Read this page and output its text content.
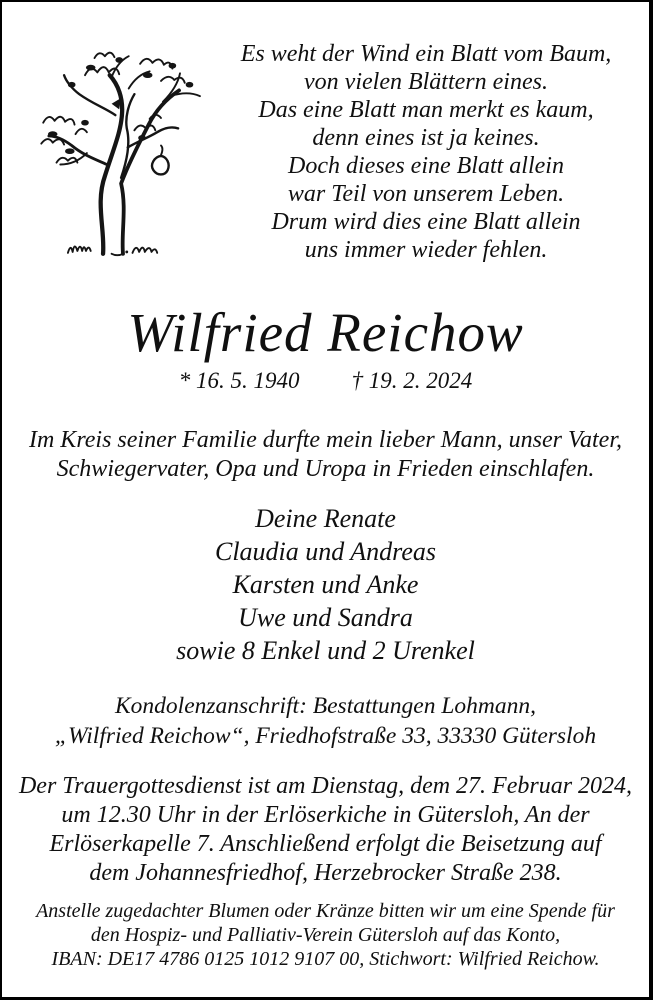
Es weht der Wind ein Blatt vom Baum,
von vielen Blättern eines.
Das eine Blatt man merkt es kaum,
denn eines ist ja keines.
Doch dieses eine Blatt allein
war Teil von unserem Leben.
Drum wird dies eine Blatt allein
uns immer wieder fehlen.
Wilfried Reichow
* 16. 5. 1940 † 19. 2. 2024
Im Kreis seiner Familie durfte mein lieber Mann, unser Vater,
Schwiegervater, Opa und Uropa in Frieden einschlafen.
Deine Renate
Claudia und Andreas
Karsten und Anke
Uwe und Sandra
sowie 8 Enkel und 2 Urenkel
Kondolenzanschrift: Bestattungen Lohmann,
„Wilfried Reichow“, Friedhofstraße 33, 33330 Gütersloh
Der Trauergottesdienst ist am Dienstag, dem 27. Februar 2024,
um 12.30 Uhr in der Erlöserkiche in Gütersloh, An der
Erlöserkapelle 7. Anschließend erfolgt die Beisetzung auf
dem Johannesfriedhof, Herzebrocker Straße 238.
Anstelle zugedachter Blumen oder Kränze bitten wir um eine Spende für
den Hospiz- und Palliativ-Verein Gütersloh auf das Konto,
IBAN: DE17 4786 0125 1012 9107 00, Stichwort: Wilfried Reichow.
